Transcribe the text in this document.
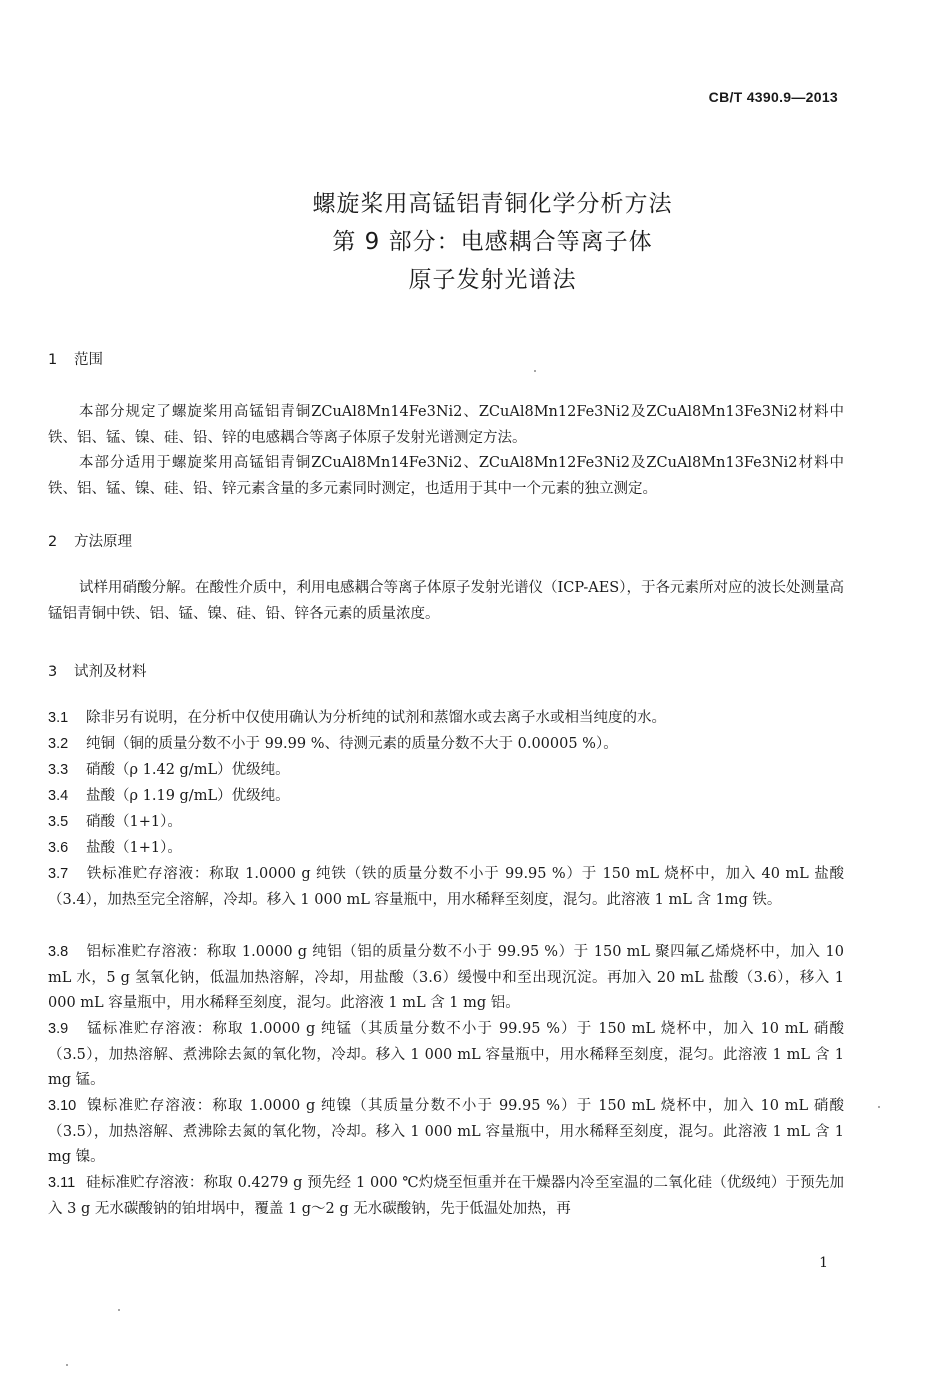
CB/T 4390.9—2013
螺旋桨用高锰铝青铜化学分析方法
第 9 部分：电感耦合等离子体
原子发射光谱法
1 范围
本部分规定了螺旋桨用高锰铝青铜ZCuAl8Mn14Fe3Ni2、ZCuAl8Mn12Fe3Ni2及ZCuAl8Mn13Fe3Ni2材料中铁、铝、锰、镍、硅、铅、锌的电感耦合等离子体原子发射光谱测定方法。
本部分适用于螺旋桨用高锰铝青铜ZCuAl8Mn14Fe3Ni2、ZCuAl8Mn12Fe3Ni2及ZCuAl8Mn13Fe3Ni2材料中铁、铝、锰、镍、硅、铅、锌元素含量的多元素同时测定，也适用于其中一个元素的独立测定。
2 方法原理
试样用硝酸分解。在酸性介质中，利用电感耦合等离子体原子发射光谱仪（ICP-AES），于各元素所对应的波长处测量高锰铝青铜中铁、铝、锰、镍、硅、铅、锌各元素的质量浓度。
3 试剂及材料
3.1 除非另有说明，在分析中仅使用确认为分析纯的试剂和蒸馏水或去离子水或相当纯度的水。
3.2 纯铜（铜的质量分数不小于 99.99 %、待测元素的质量分数不大于 0.00005 %）。
3.3 硝酸（ρ 1.42 g/mL）优级纯。
3.4 盐酸（ρ 1.19 g/mL）优级纯。
3.5 硝酸（1+1）。
3.6 盐酸（1+1）。
3.7 铁标准贮存溶液：称取 1.0000 g 纯铁（铁的质量分数不小于 99.95 %）于 150 mL 烧杯中，加入 40 mL 盐酸（3.4），加热至完全溶解，冷却。移入 1 000 mL 容量瓶中，用水稀释至刻度，混匀。此溶液 1 mL 含 1mg 铁。
3.8 铝标准贮存溶液：称取 1.0000 g 纯铝（铝的质量分数不小于 99.95 %）于 150 mL 聚四氟乙烯烧杯中，加入 10 mL 水，5 g 氢氧化钠，低温加热溶解，冷却，用盐酸（3.6）缓慢中和至出现沉淀。再加入 20 mL 盐酸（3.6），移入 1 000 mL 容量瓶中，用水稀释至刻度，混匀。此溶液 1 mL 含 1 mg 铝。
3.9 锰标准贮存溶液：称取 1.0000 g 纯锰（其质量分数不小于 99.95 %）于 150 mL 烧杯中，加入 10 mL 硝酸（3.5），加热溶解、煮沸除去氮的氧化物，冷却。移入 1 000 mL 容量瓶中，用水稀释至刻度，混匀。此溶液 1 mL 含 1 mg 锰。
3.10 镍标准贮存溶液：称取 1.0000 g 纯镍（其质量分数不小于 99.95 %）于 150 mL 烧杯中，加入 10 mL 硝酸（3.5），加热溶解、煮沸除去氮的氧化物，冷却。移入 1 000 mL 容量瓶中，用水稀释至刻度，混匀。此溶液 1 mL 含 1 mg 镍。
3.11 硅标准贮存溶液：称取 0.4279 g 预先经 1 000 ℃灼烧至恒重并在干燥器内冷至室温的二氧化硅（优级纯）于预先加入 3 g 无水碳酸钠的铂坩埚中，覆盖 1 g～2 g 无水碳酸钠，先于低温处加热，再
1
